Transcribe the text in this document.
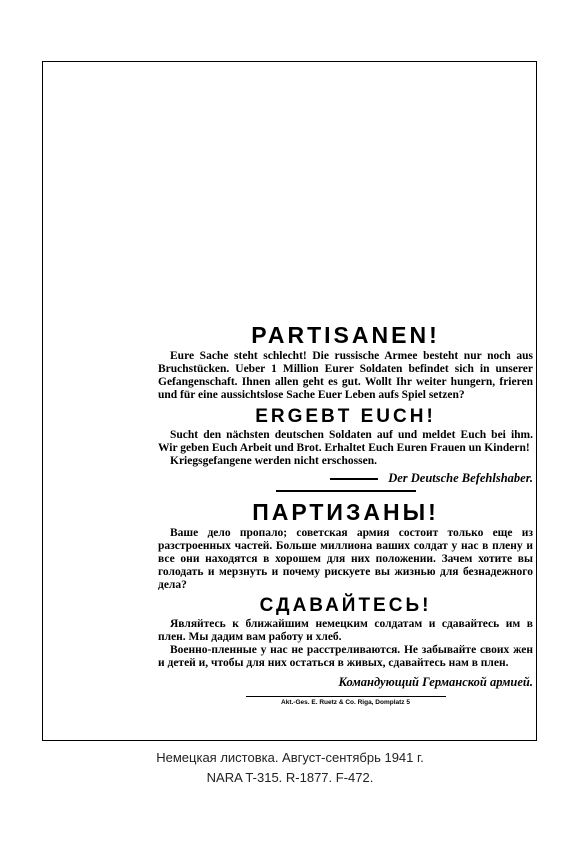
PARTISANEN!

Eure Sache steht schlecht! Die russische Armee besteht nur noch aus Bruchstücken. Ueber 1 Million Eurer Soldaten befindet sich in unserer Gefangenschaft. Ihnen allen geht es gut. Wollt Ihr weiter hungern, frieren und für eine aussichtslose Sache Euer Leben aufs Spiel setzen?

ERGEBT EUCH!

Sucht den nächsten deutschen Soldaten auf und meldet Euch bei ihm. Wir geben Euch Arbeit und Brot. Erhaltet Euch Euren Frauen un Kindern!

Kriegsgefangene werden nicht erschossen.

Der Deutsche Befehlshaber.

ПАРТИЗАНЫ!

Ваше дело пропало; советская армия состоит только еще из разстроенных частей. Больше миллиона ваших солдат у нас в плену и все они находятся в хорошем для них положении. Зачем хотите вы голодать и мерзнуть и почему рискуете вы жизнью для безнадежного дела?

СДАВАЙТЕСЬ!

Являйтесь к ближайшим немецким солдатам и сдавайтесь им в плен. Мы дадим вам работу и хлеб.

Военно-пленные у нас не расстреливаются. Не забывайте своих жен и детей и, чтобы для них остаться в живых, сдавайтесь нам в плен.

Командующий Германской армией.

Akt.-Ges. E. Ruetz & Co. Riga, Domplatz 5

Немецкая листовка. Август-сентябрь 1941 г.
NARA T-315. R-1877. F-472.
